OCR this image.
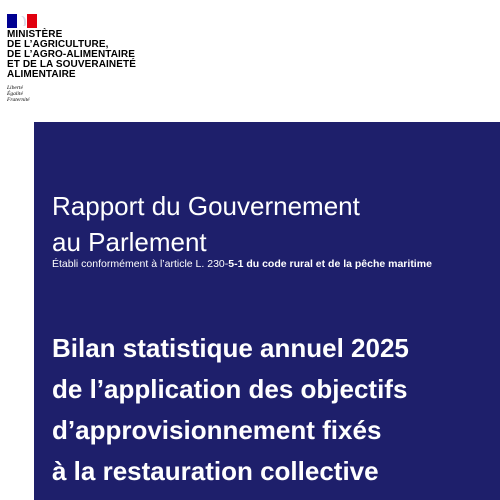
MINISTÈRE
DE L’AGRICULTURE,
DE L’AGRO-ALIMENTAIRE
ET DE LA SOUVERAINETÉ
ALIMENTAIRE
Liberté
Égalité
Fraternité
Rapport du Gouvernement
au Parlement
Établi conformément à l’article L. 230-5-1 du code rural et de la pêche maritime
Bilan statistique annuel 2025
de l’application des objectifs
d’approvisionnement fixés
à la restauration collective
